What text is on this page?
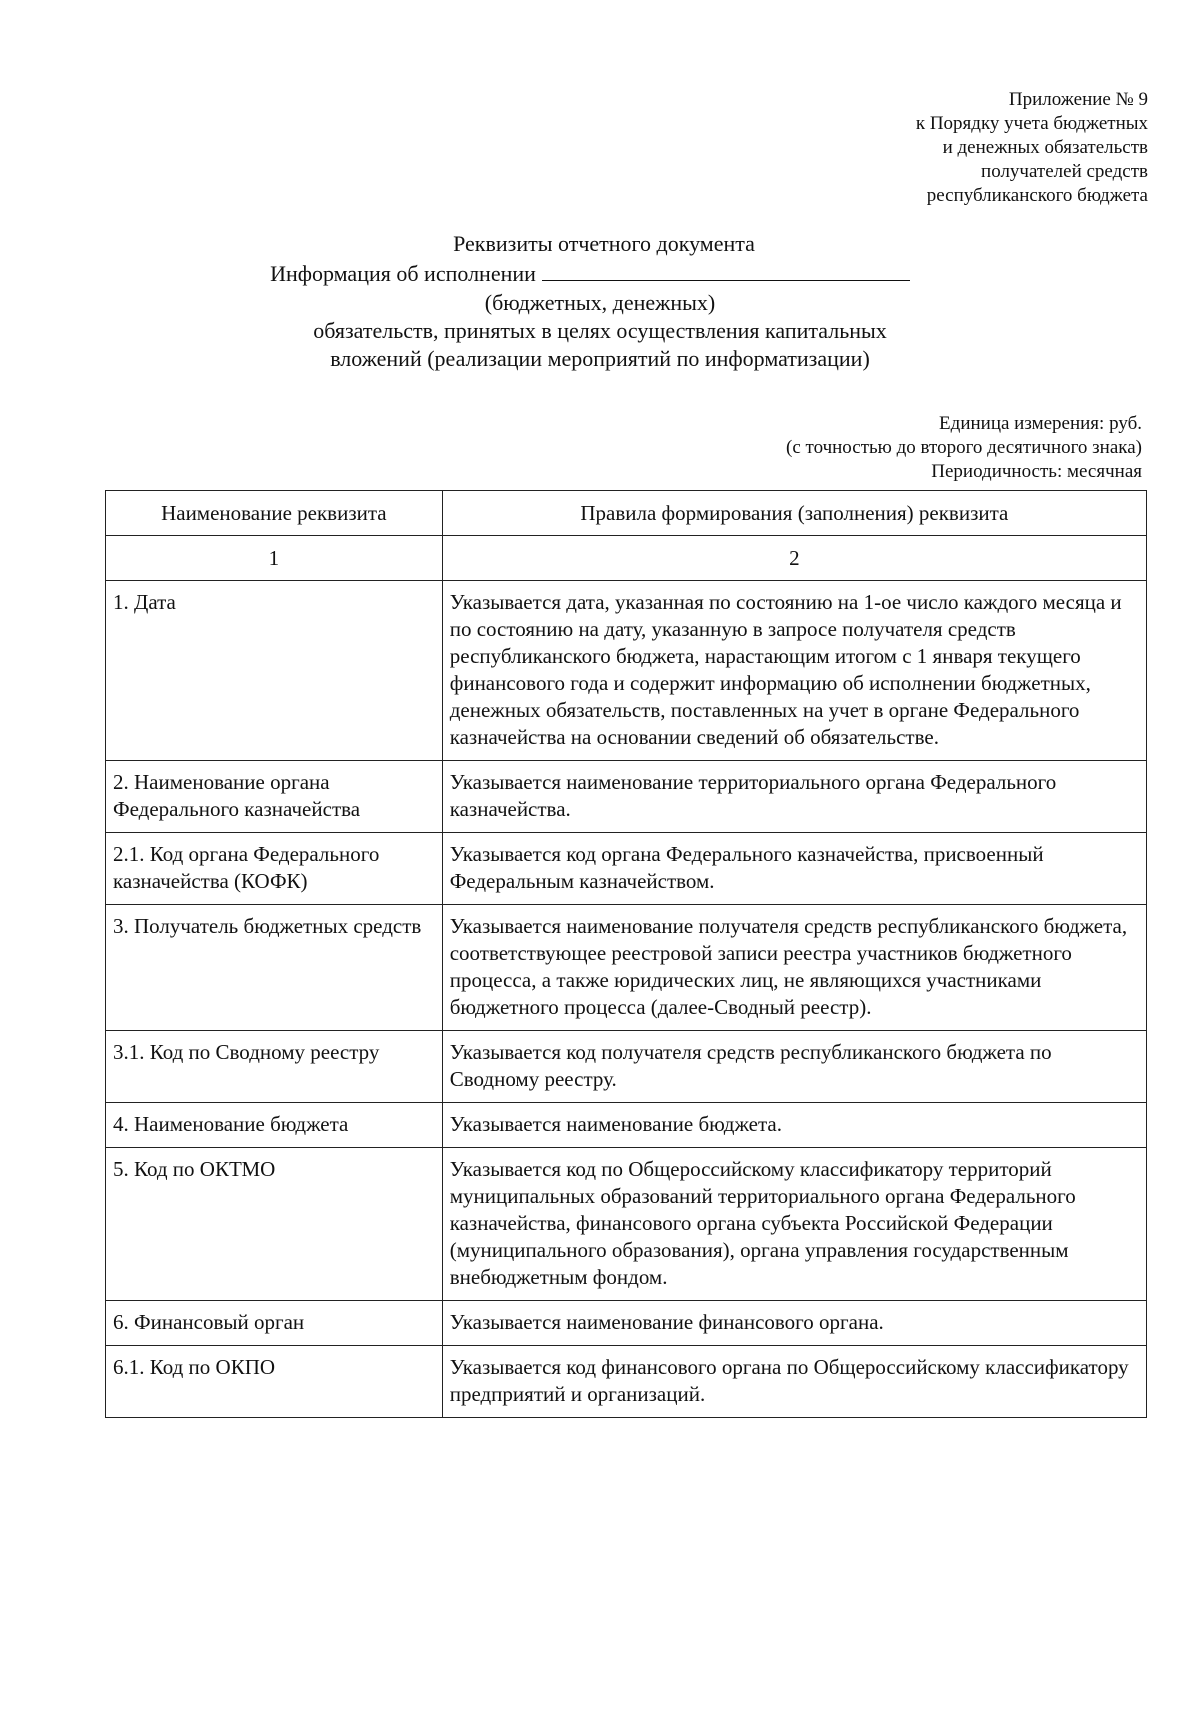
Приложение № 9
к Порядку учета бюджетных
и денежных обязательств
получателей средств
республиканского бюджета
Реквизиты отчетного документа
Информация об исполнении
(бюджетных, денежных)
обязательств, принятых в целях осуществления капитальных
вложений (реализации мероприятий по информатизации)
Единица измерения: руб.
(с точностью до второго десятичного знака)
Периодичность: месячная
Наименование реквизита	Правила формирования (заполнения) реквизита
1	2
1. Дата	Указывается дата, указанная по состоянию на 1-ое число каждого месяца и по состоянию на дату, указанную в запросе получателя средств республиканского бюджета, нарастающим итогом с 1 января текущего финансового года и содержит информацию об исполнении бюджетных, денежных обязательств, поставленных на учет в органе Федерального казначейства на основании сведений об обязательстве.
2. Наименование органа Федерального казначейства	Указывается наименование территориального органа Федерального казначейства.
2.1. Код органа Федерального казначейства (КОФК)	Указывается код органа Федерального казначейства, присвоенный Федеральным казначейством.
3. Получатель бюджетных средств	Указывается наименование получателя средств республиканского бюджета, соответствующее реестровой записи реестра участников бюджетного процесса, а также юридических лиц, не являющихся участниками бюджетного процесса (далее-Сводный реестр).
3.1. Код по Сводному реестру	Указывается код получателя средств республиканского бюджета по Сводному реестру.
4. Наименование бюджета	Указывается наименование бюджета.
5. Код по ОКТМО	Указывается код по Общероссийскому классификатору территорий муниципальных образований территориального органа Федерального казначейства, финансового органа субъекта Российской Федерации (муниципального образования), органа управления государственным внебюджетным фондом.
6. Финансовый орган	Указывается наименование финансового органа.
6.1. Код по ОКПО	Указывается код финансового органа по Общероссийскому классификатору предприятий и организаций.
